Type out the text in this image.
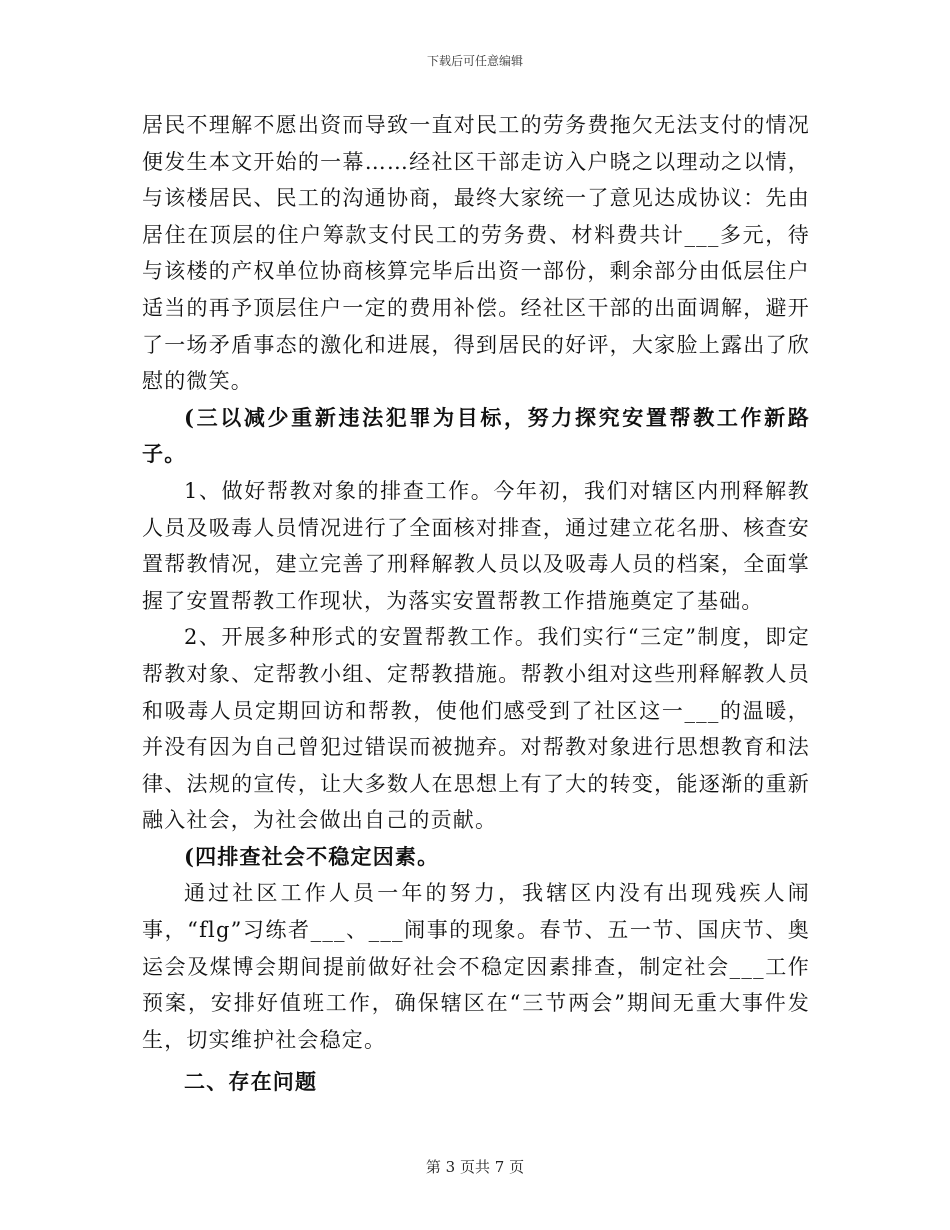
下载后可任意编辑

居民不理解不愿出资而导致一直对民工的劳务费拖欠无法支付的情况便发生本文开始的一幕……经社区干部走访入户晓之以理动之以情，与该楼居民、民工的沟通协商，最终大家统一了意见达成协议：先由居住在顶层的住户筹款支付民工的劳务费、材料费共计___多元，待与该楼的产权单位协商核算完毕后出资一部份，剩余部分由低层住户适当的再予顶层住户一定的费用补偿。经社区干部的出面调解，避开了一场矛盾事态的激化和进展，得到居民的好评，大家脸上露出了欣慰的微笑。

(三以减少重新违法犯罪为目标，努力探究安置帮教工作新路子。

1、做好帮教对象的排查工作。今年初，我们对辖区内刑释解教人员及吸毒人员情况进行了全面核对排查，通过建立花名册、核查安置帮教情况，建立完善了刑释解教人员以及吸毒人员的档案，全面掌握了安置帮教工作现状，为落实安置帮教工作措施奠定了基础。

2、开展多种形式的安置帮教工作。我们实行“三定”制度，即定帮教对象、定帮教小组、定帮教措施。帮教小组对这些刑释解教人员和吸毒人员定期回访和帮教，使他们感受到了社区这一___的温暖，并没有因为自己曾犯过错误而被抛弃。对帮教对象进行思想教育和法律、法规的宣传，让大多数人在思想上有了大的转变，能逐渐的重新融入社会，为社会做出自己的贡献。

(四排查社会不稳定因素。

通过社区工作人员一年的努力，我辖区内没有出现残疾人闹事，“flg”习练者___、___闹事的现象。春节、五一节、国庆节、奥运会及煤博会期间提前做好社会不稳定因素排查，制定社会___工作预案，安排好值班工作，确保辖区在“三节两会”期间无重大事件发生，切实维护社会稳定。

二、存在问题

第 3 页共 7 页
